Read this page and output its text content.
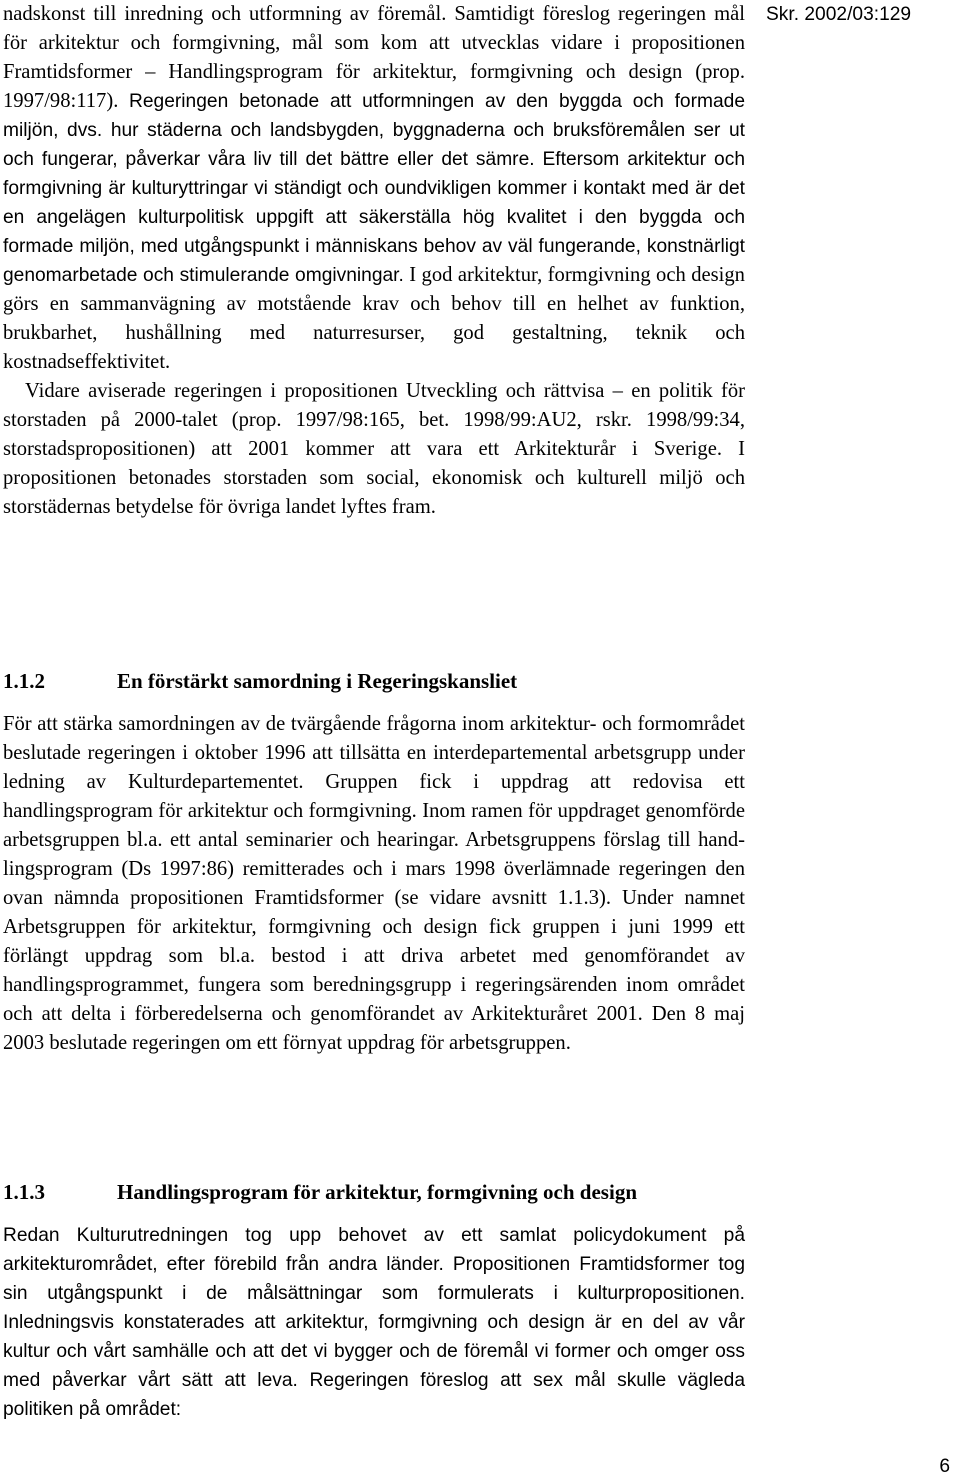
Skr. 2002/03:129

nadskonst till inredning och utformning av föremål. Samtidigt föreslog regeringen mål för arkitektur och formgivning, mål som kom att utvecklas vidare i propositionen Framtidsformer – Handlingsprogram för arkitektur, formgivning och design (prop. 1997/98:117). Regeringen betonade att utformningen av den byggda och formade miljön, dvs. hur städerna och landsbygden, byggnaderna och bruksföremålen ser ut och fungerar, påverkar våra liv till det bättre eller det sämre. Eftersom arkitektur och formgivning är kulturyttringar vi ständigt och oundvikligen kommer i kontakt med är det en angelägen kulturpolitisk uppgift att säkerställa hög kvalitet i den byggda och formade miljön, med utgångspunkt i människans behov av väl fungerande, konstnärligt genomarbetade och stimulerande omgivningar. I god arkitektur, formgivning och design görs en sammanvägning av motstående krav och behov till en helhet av funktion, brukbarhet, hushållning med naturresurser, god gestaltning, teknik och kostnadseffektivitet.

Vidare aviserade regeringen i propositionen Utveckling och rättvisa – en politik för storstaden på 2000-talet (prop. 1997/98:165, bet. 1998/99:AU2, rskr. 1998/99:34, storstadspropositionen) att 2001 kommer att vara ett Arkitekturår i Sverige. I propositionen betonades storstaden som social, ekonomisk och kulturell miljö och storstädernas betydelse för övriga landet lyftes fram.

1.1.2	En förstärkt samordning i Regeringskansliet

För att stärka samordningen av de tvärgående frågorna inom arkitektur- och formområdet beslutade regeringen i oktober 1996 att tillsätta en interdepartemental arbetsgrupp under ledning av Kulturdepartementet. Gruppen fick i uppdrag att redovisa ett handlingsprogram för arkitektur och formgivning. Inom ramen för uppdraget genomförde arbetsgruppen bl.a. ett antal seminarier och hearingar. Arbetsgruppens förslag till handlingsprogram (Ds 1997:86) remitterades och i mars 1998 överlämnade regeringen den ovan nämnda propositionen Framtidsformer (se vidare avsnitt 1.1.3). Under namnet Arbetsgruppen för arkitektur, formgivning och design fick gruppen i juni 1999 ett förlängt uppdrag som bl.a. bestod i att driva arbetet med genomförandet av handlingsprogrammet, fungera som beredningsgrupp i regeringsärenden inom området och att delta i förberedelserna och genomförandet av Arkitekturåret 2001. Den 8 maj 2003 beslutade regeringen om ett förnyat uppdrag för arbetsgruppen.

1.1.3	Handlingsprogram för arkitektur, formgivning och design

Redan Kulturutredningen tog upp behovet av ett samlat policydokument på arkitekturområdet, efter förebild från andra länder. Propositionen Framtidsformer tog sin utgångspunkt i de målsättningar som formulerats i kulturpropositionen. Inledningsvis konstaterades att arkitektur, formgivning och design är en del av vår kultur och vårt samhälle och att det vi bygger och de föremål vi former och omger oss med påverkar vårt sätt att leva. Regeringen föreslog att sex mål skulle vägleda politiken på området:

6
